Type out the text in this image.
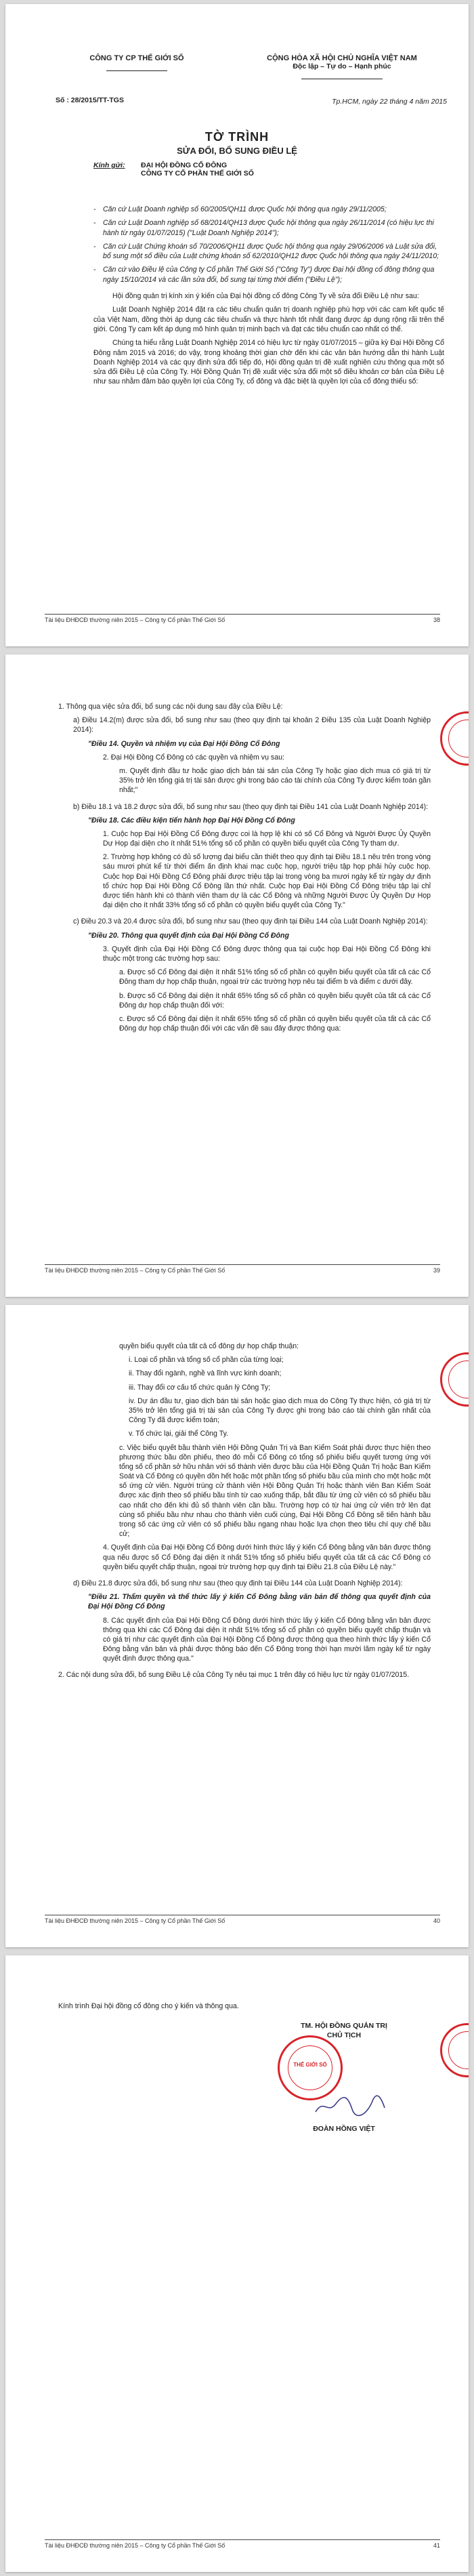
CÔNG TY CP THẾ GIỚI SỐ	CỘNG HÒA XÃ HỘI CHỦ NGHĨA VIỆT NAM
Độc lập – Tự do – Hạnh phúc
Số : 28/2015/TT-TGS	Tp.HCM, ngày 22 tháng 4 năm 2015
TỜ TRÌNH
SỬA ĐỔI, BỔ SUNG ĐIỀU LỆ
Kính gửi: ĐẠI HỘI ĐỒNG CỔ ĐÔNG
CÔNG TY CỔ PHẦN THẾ GIỚI SỐ

- Căn cứ Luật Doanh nghiệp số 60/2005/QH11 được Quốc hội thông qua ngày 29/11/2005;

- Căn cứ Luật Doanh nghiệp số 68/2014/QH13 được Quốc hội thông qua ngày 26/11/2014 (có hiệu lực thi hành từ ngày 01/07/2015) ("Luật Doanh Nghiệp 2014");

- Căn cứ Luật Chứng khoán số 70/2006/QH11 được Quốc hội thông qua ngày 29/06/2006 và Luật sửa đổi, bổ sung một số điều của Luật chứng khoán số 62/2010/QH12 được Quốc hội thông qua ngày 24/11/2010;

- Căn cứ vào Điều lệ của Công ty Cổ phần Thế Giới Số ("Công Ty") được Đại hội đồng cổ đông thông qua ngày 15/10/2014 và các lần sửa đổi, bổ sung tại từng thời điểm ("Điều Lệ");

Hội đồng quản trị kính xin ý kiến của Đại hội đồng cổ đông Công Ty về sửa đổi Điều Lệ như sau:

Luật Doanh Nghiệp 2014 đặt ra các tiêu chuẩn quản trị doanh nghiệp phù hợp với các cam kết quốc tế của Việt Nam, đồng thời áp dụng các tiêu chuẩn và thực hành tốt nhất đang được áp dụng rộng rãi trên thế giới. Công Ty cam kết áp dụng mô hình quản trị minh bạch và đạt các tiêu chuẩn cao nhất có thể.

Chúng ta hiểu rằng Luật Doanh Nghiệp 2014 có hiệu lực từ ngày 01/07/2015 – giữa kỳ Đại Hội Đồng Cổ Đông năm 2015 và 2016; do vậy, trong khoảng thời gian chờ đến khi các văn bản hướng dẫn thi hành Luật Doanh Nghiệp 2014 và các quy định sửa đổi tiếp đó, Hội đồng quản trị đề xuất nghiên cứu thông qua một số sửa đổi Điều Lệ của Công Ty. Hội Đồng Quản Trị đề xuất việc sửa đổi một số điều khoản cơ bản của Điều Lệ như sau nhằm đảm bảo quyền lợi của Công Ty, cổ đông và đặc biệt là quyền lợi của cổ đông thiểu số:

Tài liệu ĐHĐCĐ thường niên 2015 – Công ty Cổ phần Thế Giới Số	38

1. Thông qua việc sửa đổi, bổ sung các nội dung sau đây của Điều Lệ:

a) Điều 14.2(m) được sửa đổi, bổ sung như sau (theo quy định tại khoản 2 Điều 135 của Luật Doanh Nghiệp 2014):

"Điều 14. Quyền và nhiệm vụ của Đại Hội Đồng Cổ Đông

2. Đại Hội Đồng Cổ Đông có các quyền và nhiệm vụ sau:

m. Quyết định đầu tư hoặc giao dịch bán tài sản của Công Ty hoặc giao dịch mua có giá trị từ 35% trở lên tổng giá trị tài sản được ghi trong báo cáo tài chính của Công Ty được kiểm toán gần nhất;"

b) Điều 18.1 và 18.2 được sửa đổi, bổ sung như sau (theo quy định tại Điều 141 của Luật Doanh Nghiệp 2014):

"Điều 18. Các điều kiện tiến hành họp Đại Hội Đồng Cổ Đông

1. Cuộc họp Đại Hội Đồng Cổ Đông được coi là hợp lệ khi có số Cổ Đông và Người Được Ủy Quyền Dự Họp đại diện cho ít nhất 51% tổng số cổ phần có quyền biểu quyết của Công Ty tham dự.

2. Trường hợp không có đủ số lượng đại biểu cần thiết theo quy định tại Điều 18.1 nêu trên trong vòng sáu mươi phút kể từ thời điểm ấn định khai mạc cuộc họp, người triệu tập họp phải hủy cuộc họp. Cuộc họp Đại Hội Đồng Cổ Đông phải được triệu tập lại trong vòng ba mươi ngày kể từ ngày dự định tổ chức họp Đại Hội Đồng Cổ Đông lần thứ nhất. Cuộc họp Đại Hội Đồng Cổ Đông triệu tập lại chỉ được tiến hành khi có thành viên tham dự là các Cổ Đông và những Người Được Ủy Quyền Dự Họp đại diện cho ít nhất 33% tổng số cổ phần có quyền biểu quyết của Công Ty."

c) Điều 20.3 và 20.4 được sửa đổi, bổ sung như sau (theo quy định tại Điều 144 của Luật Doanh Nghiệp 2014):

"Điều 20. Thông qua quyết định của Đại Hội Đồng Cổ Đông

3. Quyết định của Đại Hội Đồng Cổ Đông được thông qua tại cuộc họp Đại Hội Đồng Cổ Đông khi thuộc một trong các trường hợp sau:

a. Được số Cổ Đông đại diện ít nhất 51% tổng số cổ phần có quyền biểu quyết của tất cả các Cổ Đông tham dự họp chấp thuận, ngoại trừ các trường hợp nêu tại điểm b và điểm c dưới đây.

b. Được số Cổ Đông đại diện ít nhất 65% tổng số cổ phần có quyền biểu quyết của tất cả các Cổ Đông dự họp chấp thuận đối với:

c. Được số Cổ Đông đại diện ít nhất 65% tổng số cổ phần có quyền biểu quyết của tất cả các Cổ Đông dự họp chấp thuận đối với các vấn đề sau đây được thông qua:

Tài liệu ĐHĐCĐ thường niên 2015 – Công ty Cổ phần Thế Giới Số	39

quyền biểu quyết của tất cả cổ đông dự họp chấp thuận:

i. Loại cổ phần và tổng số cổ phần của từng loại;

ii. Thay đổi ngành, nghề và lĩnh vực kinh doanh;

iii. Thay đổi cơ cấu tổ chức quản lý Công Ty;

iv. Dự án đầu tư, giao dịch bán tài sản hoặc giao dịch mua do Công Ty thực hiện, có giá trị từ 35% trở lên tổng giá trị tài sản của Công Ty được ghi trong báo cáo tài chính gần nhất của Công Ty đã được kiểm toán;

v. Tổ chức lại, giải thể Công Ty.

c. Việc biểu quyết bầu thành viên Hội Đồng Quản Trị và Ban Kiểm Soát phải được thực hiện theo phương thức bầu dồn phiếu, theo đó mỗi Cổ Đông có tổng số phiếu biểu quyết tương ứng với tổng số cổ phần sở hữu nhân với số thành viên được bầu của Hội Đồng Quản Trị hoặc Ban Kiểm Soát và Cổ Đông có quyền dồn hết hoặc một phần tổng số phiếu bầu của mình cho một hoặc một số ứng cử viên. Người trúng cử thành viên Hội Đồng Quản Trị hoặc thành viên Ban Kiểm Soát được xác định theo số phiếu bầu tính từ cao xuống thấp, bắt đầu từ ứng cử viên có số phiếu bầu cao nhất cho đến khi đủ số thành viên cần bầu. Trường hợp có từ hai ứng cử viên trở lên đạt cùng số phiếu bầu như nhau cho thành viên cuối cùng, Đại Hội Đồng Cổ Đông sẽ tiến hành bầu trong số các ứng cử viên có số phiếu bầu ngang nhau hoặc lựa chọn theo tiêu chí quy chế bầu cử;

4. Quyết định của Đại Hội Đồng Cổ Đông dưới hình thức lấy ý kiến Cổ Đông bằng văn bản được thông qua nếu được số Cổ Đông đại diện ít nhất 51% tổng số phiếu biểu quyết của tất cả các Cổ Đông có quyền biểu quyết chấp thuận, ngoại trừ trường hợp quy định tại Điều 21.8 của Điều Lệ này."

d) Điều 21.8 được sửa đổi, bổ sung như sau (theo quy định tại Điều 144 của Luật Doanh Nghiệp 2014):

"Điều 21. Thẩm quyền và thể thức lấy ý kiến Cổ Đông bằng văn bản để thông qua quyết định của Đại Hội Đồng Cổ Đông

8. Các quyết định của Đại Hội Đồng Cổ Đông dưới hình thức lấy ý kiến Cổ Đông bằng văn bản được thông qua khi các Cổ Đông đại diện ít nhất 51% tổng số cổ phần có quyền biểu quyết chấp thuận và có giá trị như các quyết định của Đại Hội Đồng Cổ Đông được thông qua theo hình thức lấy ý kiến Cổ Đông bằng văn bản và phải được thông báo đến Cổ Đông trong thời hạn mười lăm ngày kể từ ngày quyết định được thông qua."

2. Các nội dung sửa đổi, bổ sung Điều Lệ của Công Ty nêu tại mục 1 trên đây có hiệu lực từ ngày 01/07/2015.

Tài liệu ĐHĐCĐ thường niên 2015 – Công ty Cổ phần Thế Giới Số	40
Kính trình Đại hội đồng cổ đông cho ý kiến và thông qua.
TM. HỘI ĐỒNG QUẢN TRỊ
CHỦ TỊCH
THẾ GIỚI SỐ
ĐOÀN HỒNG VIỆT
Tài liệu ĐHĐCĐ thường niên 2015 – Công ty Cổ phần Thế Giới Số	41
